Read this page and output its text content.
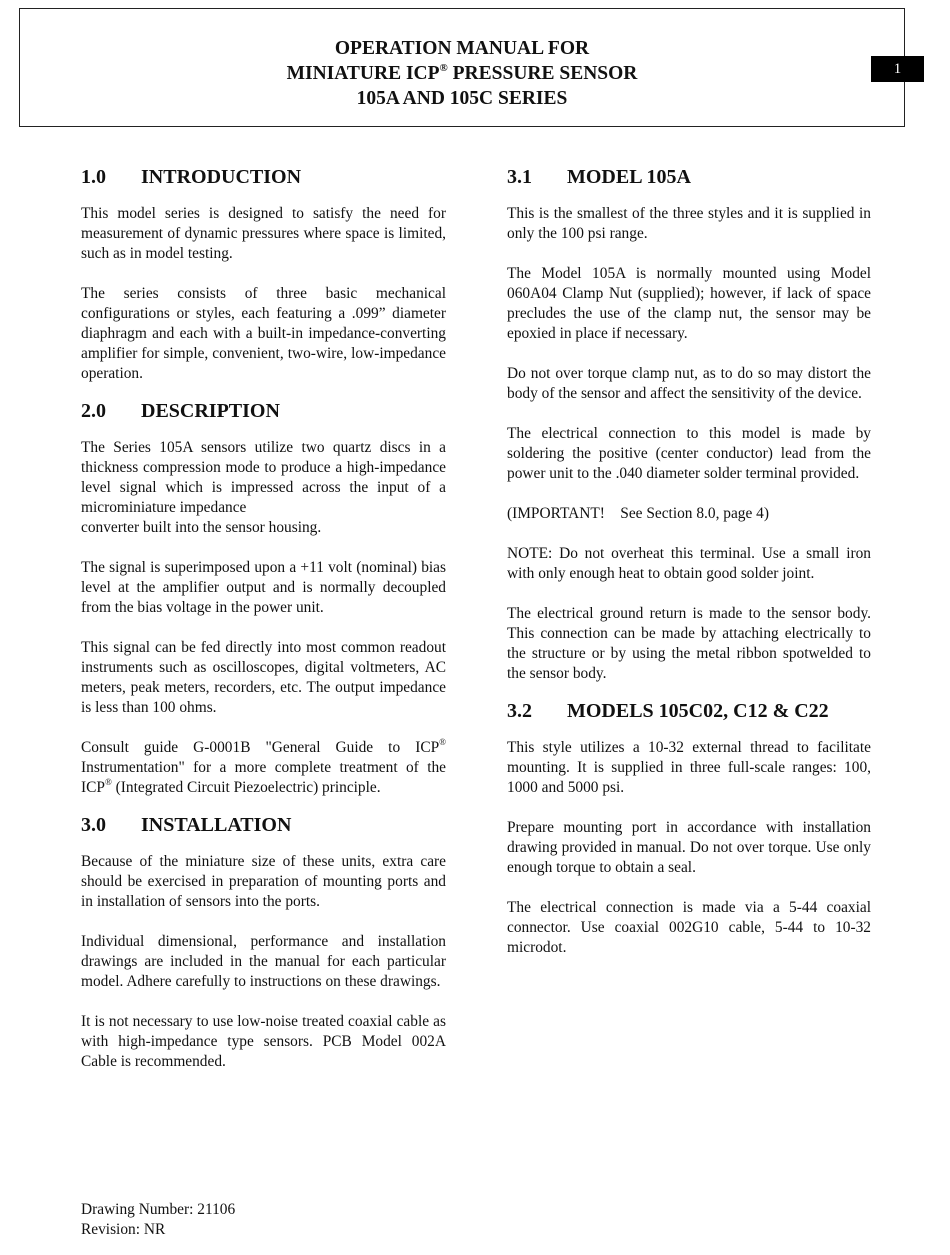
OPERATION MANUAL FOR
MINIATURE ICP® PRESSURE SENSOR
105A AND 105C SERIES
1
1.0	INTRODUCTION

This model series is designed to satisfy the need for measurement of dynamic pressures where space is limited, such as in model testing.

The series consists of three basic mechanical configurations or styles, each featuring a .099” diameter diaphragm and each with a built-in impedance-converting amplifier for simple, convenient, two-wire, low-impedance operation.

2.0	DESCRIPTION

The Series 105A sensors utilize two quartz discs in a thickness compression mode to produce a high-impedance level signal which is impressed across the input of a microminiature impedance

converter built into the sensor housing.

The signal is superimposed upon a +11 volt (nominal) bias level at the amplifier output and is normally decoupled from the bias voltage in the power unit.

This signal can be fed directly into most common readout instruments such as oscilloscopes, digital voltmeters, AC meters, peak meters, recorders, etc. The output impedance is less than 100 ohms.

Consult guide G-0001B "General Guide to ICP® Instrumentation" for a more complete treatment of the ICP® (Integrated Circuit Piezoelectric) principle.

3.0	INSTALLATION

Because of the miniature size of these units, extra care should be exercised in preparation of mounting ports and in installation of sensors into the ports.

Individual dimensional, performance and installation drawings are included in the manual for each particular model. Adhere carefully to instructions on these drawings.

It is not necessary to use low-noise treated coaxial cable as with high-impedance type sensors. PCB Model 002A Cable is recommended.

3.1	MODEL 105A

This is the smallest of the three styles and it is supplied in only the 100 psi range.

The Model 105A is normally mounted using Model 060A04 Clamp Nut (supplied); however, if lack of space precludes the use of the clamp nut, the sensor may be epoxied in place if necessary.

Do not over torque clamp nut, as to do so may distort the body of the sensor and affect the sensitivity of the device.

The electrical connection to this model is made by soldering the positive (center conductor) lead from the power unit to the .040 diameter solder terminal provided.

(IMPORTANT!    See Section 8.0, page 4)

NOTE: Do not overheat this terminal. Use a small iron with only enough heat to obtain good solder joint.

The electrical ground return is made to the sensor body. This connection can be made by attaching electrically to the structure or by using the metal ribbon spotwelded to the sensor body.

3.2	MODELS 105C02, C12 & C22

This style utilizes a 10-32 external thread to facilitate mounting. It is supplied in three full-scale ranges: 100, 1000 and 5000 psi.

Prepare mounting port in accordance with installation drawing provided in manual. Do not over torque. Use only enough torque to obtain a seal.

The electrical connection is made via a 5-44 coaxial connector. Use coaxial 002G10 cable, 5-44 to 10-32 microdot.

Drawing Number: 21106
Revision: NR
